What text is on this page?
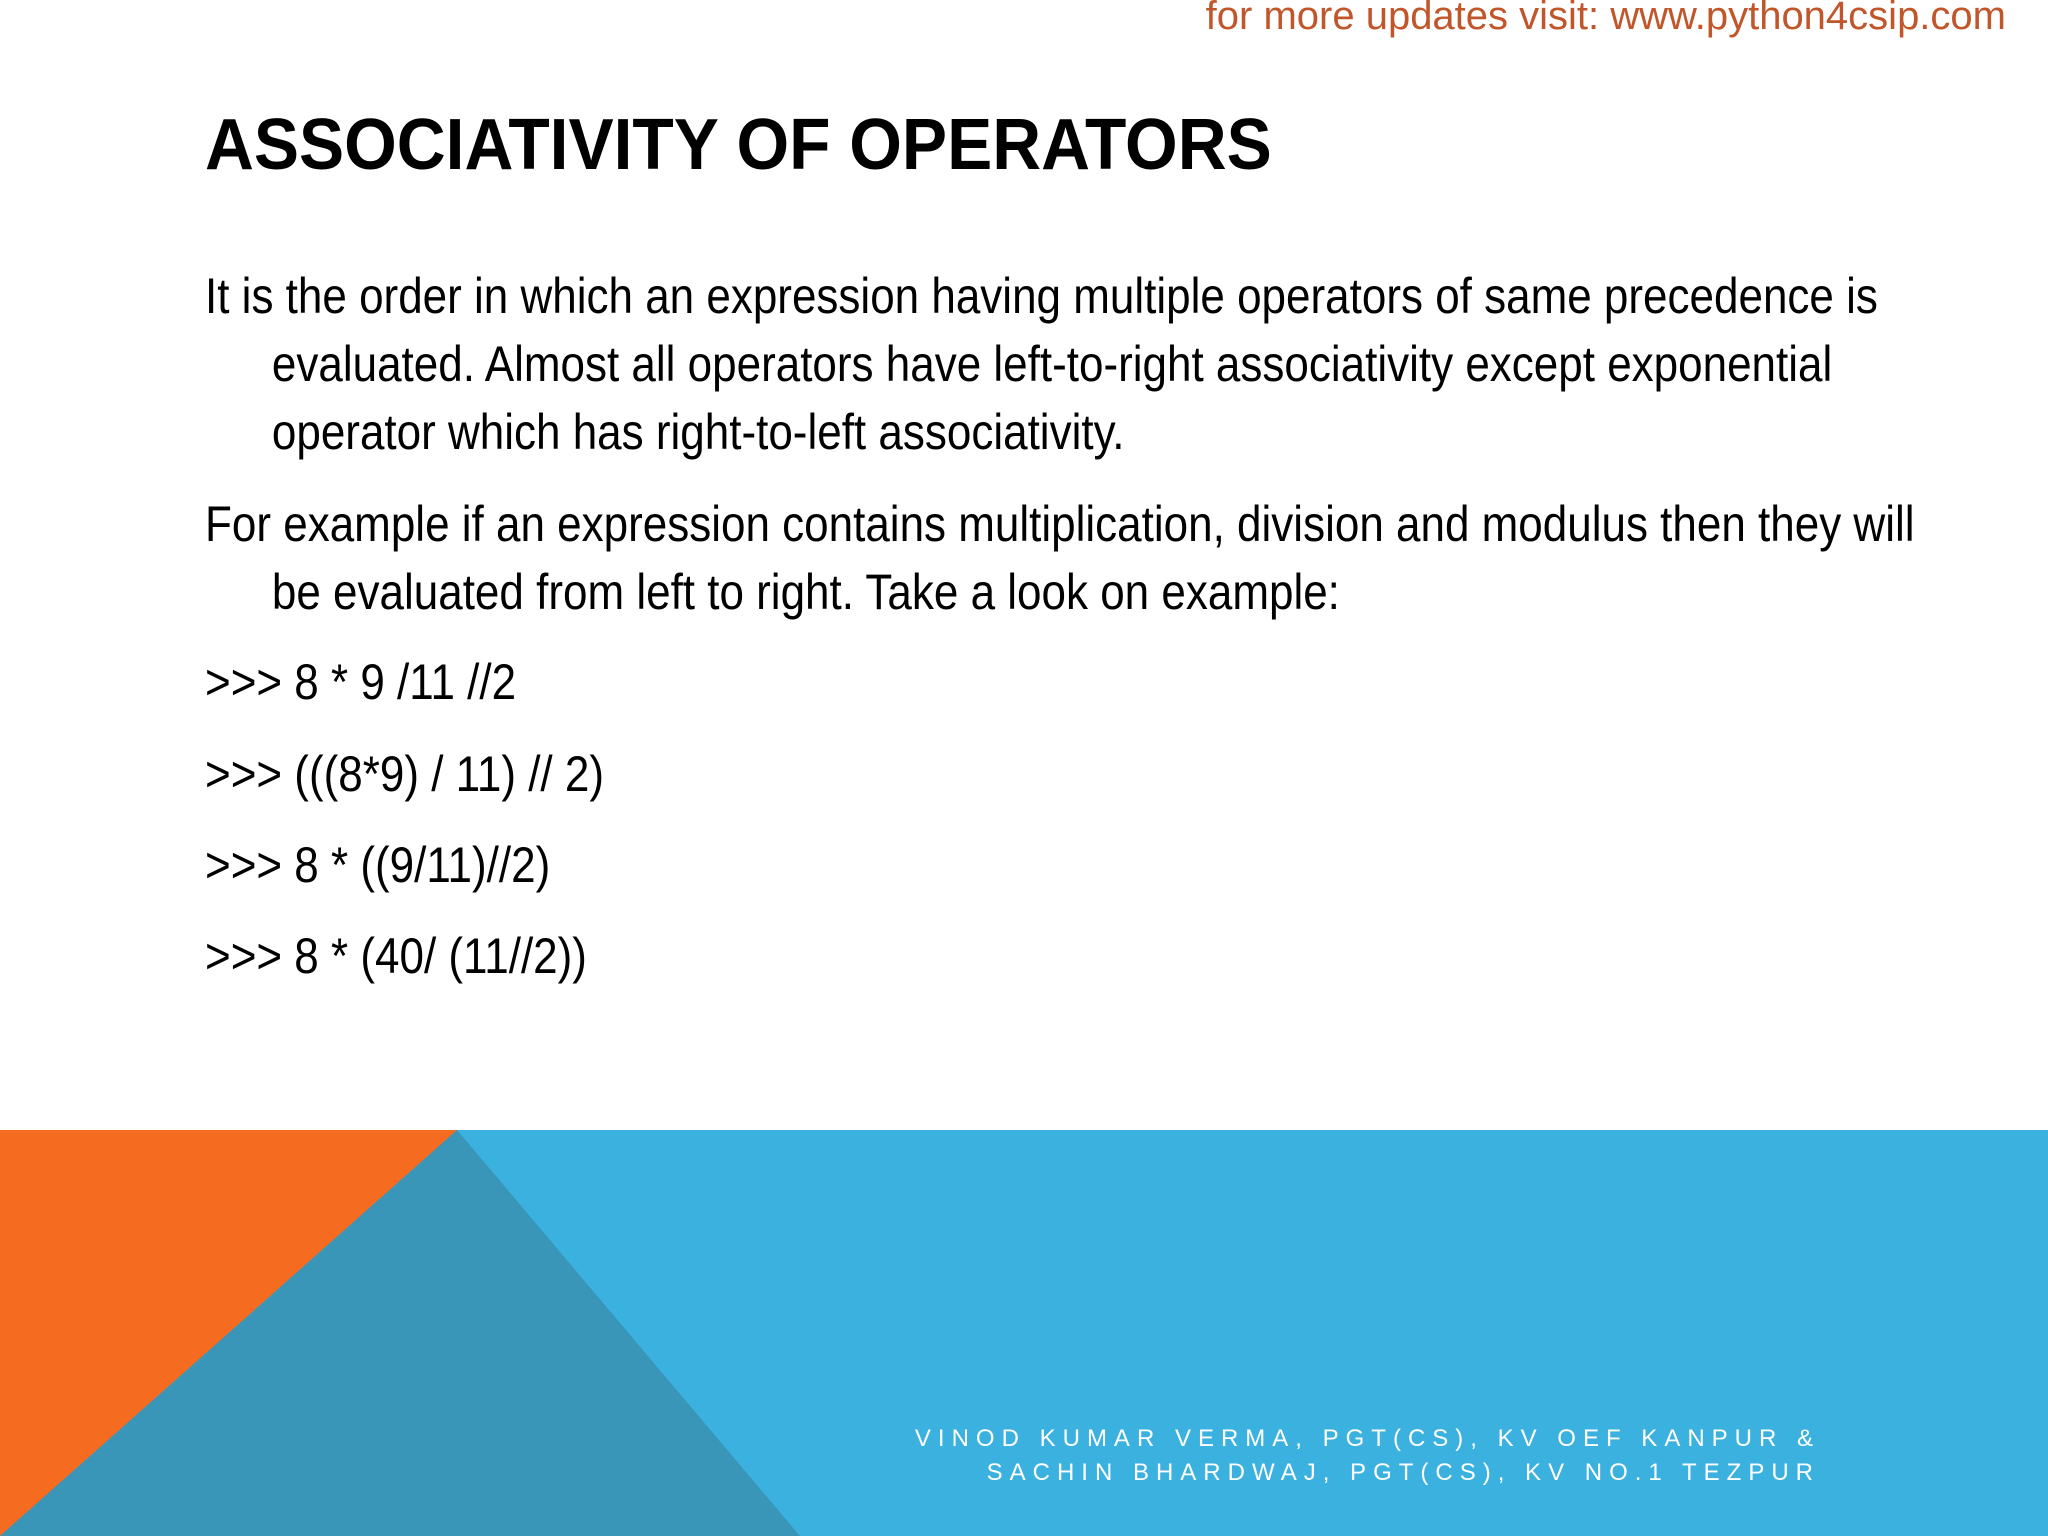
for more updates visit: www.python4csip.com
ASSOCIATIVITY OF OPERATORS

It is the order in which an expression having multiple operators of same precedence is evaluated. Almost all operators have left-to-right associativity except exponential operator which has right-to-left associativity.

For example if an expression contains multiplication, division and modulus then they will be evaluated from left to right. Take a look on example:

>>> 8 * 9 /11 //2

>>> (((8*9) / 11) // 2)

>>> 8 * ((9/11)//2)

>>> 8 * (40/ (11//2))

VINOD KUMAR VERMA, PGT(CS), KV OEF KANPUR &
SACHIN BHARDWAJ, PGT(CS), KV NO.1 TEZPUR
